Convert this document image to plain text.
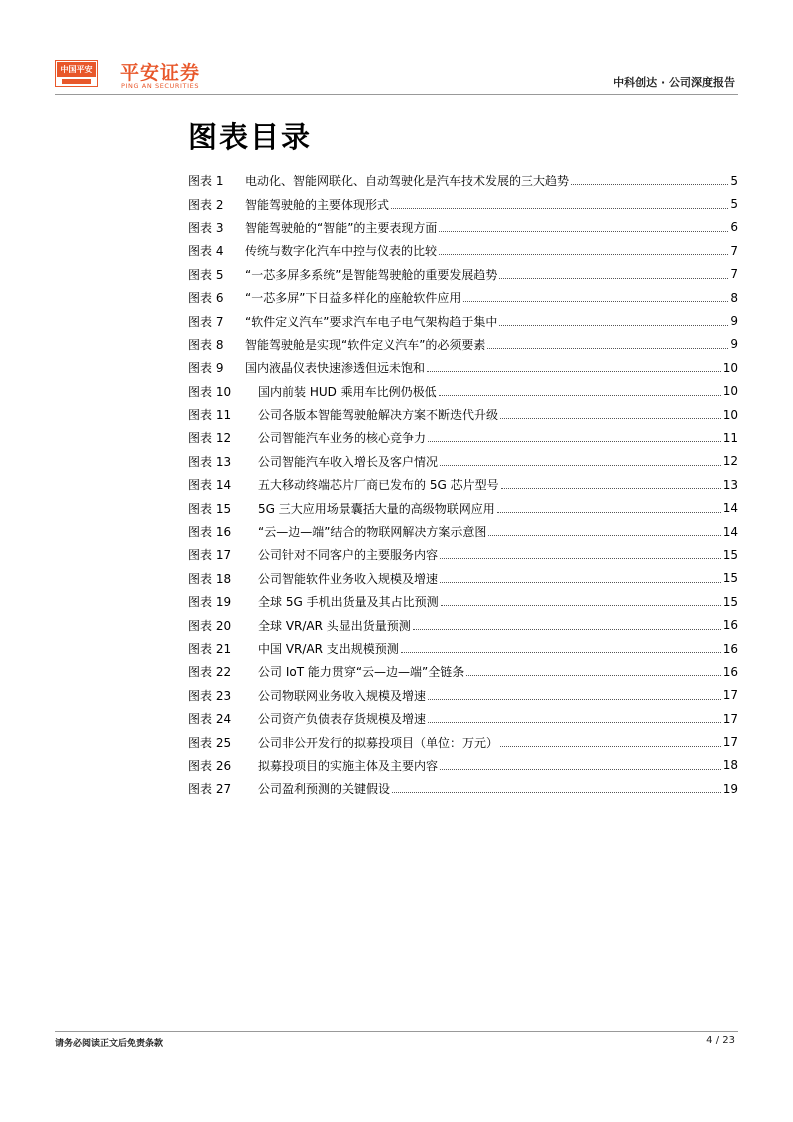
中国平安 平安证券
PING AN SECURITIES	中科创达 · 公司深度报告
图表目录
图表 1	电动化、智能网联化、自动驾驶化是汽车技术发展的三大趋势	5
图表 2	智能驾驶舱的主要体现形式	5
图表 3	智能驾驶舱的“智能”的主要表现方面	6
图表 4	传统与数字化汽车中控与仪表的比较	7
图表 5	“一芯多屏多系统”是智能驾驶舱的重要发展趋势	7
图表 6	“一芯多屏”下日益多样化的座舱软件应用	8
图表 7	“软件定义汽车”要求汽车电子电气架构趋于集中	9
图表 8	智能驾驶舱是实现“软件定义汽车”的必须要素	9
图表 9	国内液晶仪表快速渗透但远未饱和	10
图表 10	国内前装 HUD 乘用车比例仍极低	10
图表 11	公司各版本智能驾驶舱解决方案不断迭代升级	10
图表 12	公司智能汽车业务的核心竞争力	11
图表 13	公司智能汽车收入增长及客户情况	12
图表 14	五大移动终端芯片厂商已发布的 5G 芯片型号	13
图表 15	5G 三大应用场景囊括大量的高级物联网应用	14
图表 16	“云—边—端”结合的物联网解决方案示意图	14
图表 17	公司针对不同客户的主要服务内容	15
图表 18	公司智能软件业务收入规模及增速	15
图表 19	全球 5G 手机出货量及其占比预测	15
图表 20	全球 VR/AR 头显出货量预测	16
图表 21	中国 VR/AR 支出规模预测	16
图表 22	公司 IoT 能力贯穿“云—边—端”全链条	16
图表 23	公司物联网业务收入规模及增速	17
图表 24	公司资产负债表存货规模及增速	17
图表 25	公司非公开发行的拟募投项目（单位：万元）	17
图表 26	拟募投项目的实施主体及主要内容	18
图表 27	公司盈利预测的关键假设	19
请务必阅读正文后免责条款	4 / 23
